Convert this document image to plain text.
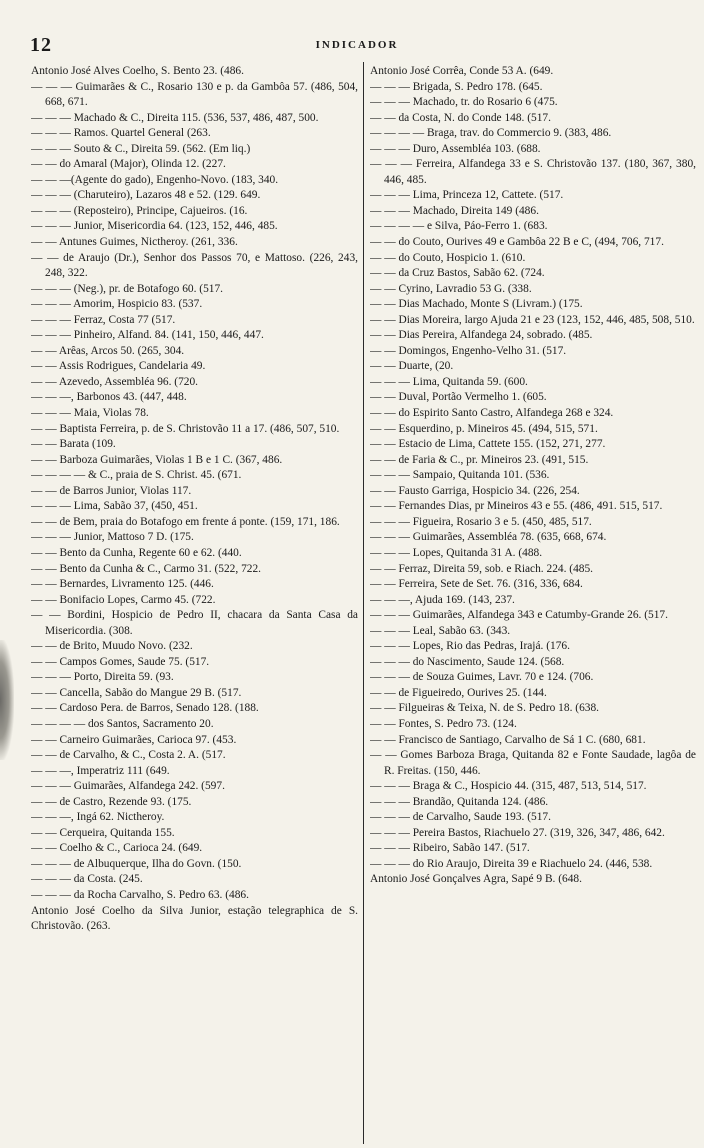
12	INDICADOR
Antonio José Alves Coelho, S. Bento 23. (486.
— — — Guimarães & C., Rosario 130 e p. da Gambôa 57. (486, 504, 668, 671.
— — — Machado & C., Direita 115. (536, 537, 486, 487, 500.
— — — Ramos. Quartel General (263.
— — — Souto & C., Direita 59. (562. (Em liq.)
— — do Amaral (Major), Olinda 12. (227.
— — —(Agente do gado), Engenho-Novo. (183, 340.
— — — (Charuteiro), Lazaros 48 e 52. (129. 649.
— — — (Reposteiro), Principe, Cajueiros. (16.
— — — Junior, Misericordia 64. (123, 152, 446, 485.
— — Antunes Guimes, Nictheroy. (261, 336.
— — de Araujo (Dr.), Senhor dos Passos 70, e Mattoso. (226, 243, 248, 322.
— — — (Neg.), pr. de Botafogo 60. (517.
— — — Amorim, Hospicio 83. (537.
— — — Ferraz, Costa 77 (517.
— — — Pinheiro, Alfand. 84. (141, 150, 446, 447.
— — Arêas, Arcos 50. (265, 304.
— — Assis Rodrigues, Candelaria 49.
— — Azevedo, Assembléa 96. (720.
— — —, Barbonos 43. (447, 448.
— — — Maia, Violas 78.
— — Baptista Ferreira, p. de S. Christovão 11 a 17. (486, 507, 510.
— — Barata (109.
— — Barboza Guimarães, Violas 1 B e 1 C. (367, 486.
— — — — & C., praia de S. Christ. 45. (671.
— — de Barros Junior, Violas 117.
— — — Lima, Sabão 37, (450, 451.
— — de Bem, praia do Botafogo em frente á ponte. (159, 171, 186.
— — — Junior, Mattoso 7 D. (175.
— — Bento da Cunha, Regente 60 e 62. (440.
— — Bento da Cunha & C., Carmo 31. (522, 722.
— — Bernardes, Livramento 125. (446.
— — Bonifacio Lopes, Carmo 45. (722.
— — Bordini, Hospicio de Pedro II, chacara da Santa Casa da Misericordia. (308.
— — de Brito, Muudo Novo. (232.
— — Campos Gomes, Saude 75. (517.
— — — Porto, Direita 59. (93.
— — Cancella, Sabão do Mangue 29 B. (517.
— — Cardoso Pera. de Barros, Senado 128. (188.
— — — — dos Santos, Sacramento 20.
— — Carneiro Guimarães, Carioca 97. (453.
— — de Carvalho, & C., Costa 2. A. (517.
— — —, Imperatriz 111 (649.
— — — Guimarães, Alfandega 242. (597.
— — de Castro, Rezende 93. (175.
— — —, Ingá 62. Nictheroy.
— — Cerqueira, Quitanda 155.
— — Coelho & C., Carioca 24. (649.
— — — de Albuquerque, Ilha do Govn. (150.
— — — da Costa. (245.
— — — da Rocha Carvalho, S. Pedro 63. (486.
Antonio José Coelho da Silva Junior, estação telegraphica de S. Christovão. (263.
Antonio José Corrêa, Conde 53 A. (649.
— — — Brigada, S. Pedro 178. (645.
— — — Machado, tr. do Rosario 6 (475.
— — da Costa, N. do Conde 148. (517.
— — — — Braga, trav. do Commercio 9. (383, 486.
— — — Duro, Assembléa 103. (688.
— — — Ferreira, Alfandega 33 e S. Christovão 137. (180, 367, 380, 446, 485.
— — — Lima, Princeza 12, Cattete. (517.
— — — Machado, Direita 149 (486.
— — — — e Silva, Páo-Ferro 1. (683.
— — do Couto, Ourives 49 e Gambôa 22 B e C, (494, 706, 717.
— — do Couto, Hospicio 1. (610.
— — da Cruz Bastos, Sabão 62. (724.
— — Cyrino, Lavradio 53 G. (338.
— — Dias Machado, Monte S (Livram.) (175.
— — Dias Moreira, largo Ajuda 21 e 23 (123, 152, 446, 485, 508, 510.
— — Dias Pereira, Alfandega 24, sobrado. (485.
— — Domingos, Engenho-Velho 31. (517.
— — Duarte, (20.
— — — Lima, Quitanda 59. (600.
— — Duval, Portão Vermelho 1. (605.
— — do Espirito Santo Castro, Alfandega 268 e 324.
— — Esquerdino, p. Mineiros 45. (494, 515, 571.
— — Estacio de Lima, Cattete 155. (152, 271, 277.
— — de Faria & C., pr. Mineiros 23. (491, 515.
— — — Sampaio, Quitanda 101. (536.
— — Fausto Garriga, Hospicio 34. (226, 254.
— — Fernandes Dias, pr Mineiros 43 e 55. (486, 491. 515, 517.
— — — Figueira, Rosario 3 e 5. (450, 485, 517.
— — — Guimarães, Assembléa 78. (635, 668, 674.
— — — Lopes, Quitanda 31 A. (488.
— — Ferraz, Direita 59, sob. e Riach. 224. (485.
— — Ferreira, Sete de Set. 76. (316, 336, 684.
— — —, Ajuda 169. (143, 237.
— — — Guimarães, Alfandega 343 e Catumby-Grande 26. (517.
— — — Leal, Sabão 63. (343.
— — — Lopes, Rio das Pedras, Irajá. (176.
— — — do Nascimento, Saude 124. (568.
— — — de Souza Guimes, Lavr. 70 e 124. (706.
— — de Figueiredo, Ourives 25. (144.
— — Filgueiras & Teixa, N. de S. Pedro 18. (638.
— — Fontes, S. Pedro 73. (124.
— — Francisco de Santiago, Carvalho de Sá 1 C. (680, 681.
— — Gomes Barboza Braga, Quitanda 82 e Fonte Saudade, lagôa de R. Freitas. (150, 446.
— — — Braga & C., Hospicio 44. (315, 487, 513, 514, 517.
— — — Brandão, Quitanda 124. (486.
— — — de Carvalho, Saude 193. (517.
— — — Pereira Bastos, Riachuelo 27. (319, 326, 347, 486, 642.
— — — Ribeiro, Sabão 147. (517.
— — — do Rio Araujo, Direita 39 e Riachuelo 24. (446, 538.
Antonio José Gonçalves Agra, Sapé 9 B. (648.
